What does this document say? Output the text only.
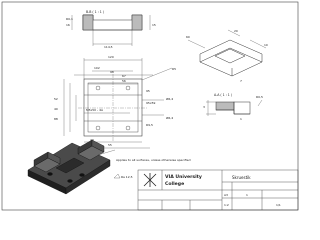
B-B ( 1 : 1 )
R0,1
114,5
16	15
120
102
98
67
56
95
52
40
88
M5x50 - 4A
95x59
23
55
Ø6,4
Ø6,4
R5
R9,5
60
20
10
7
A-A ( 1 : 1 )	R0,5
3
1
Applies to all surfaces, unless otherwise specified
Ra 12,5	VIA University
College
Skruestik
A3
1:2
1
1/1
